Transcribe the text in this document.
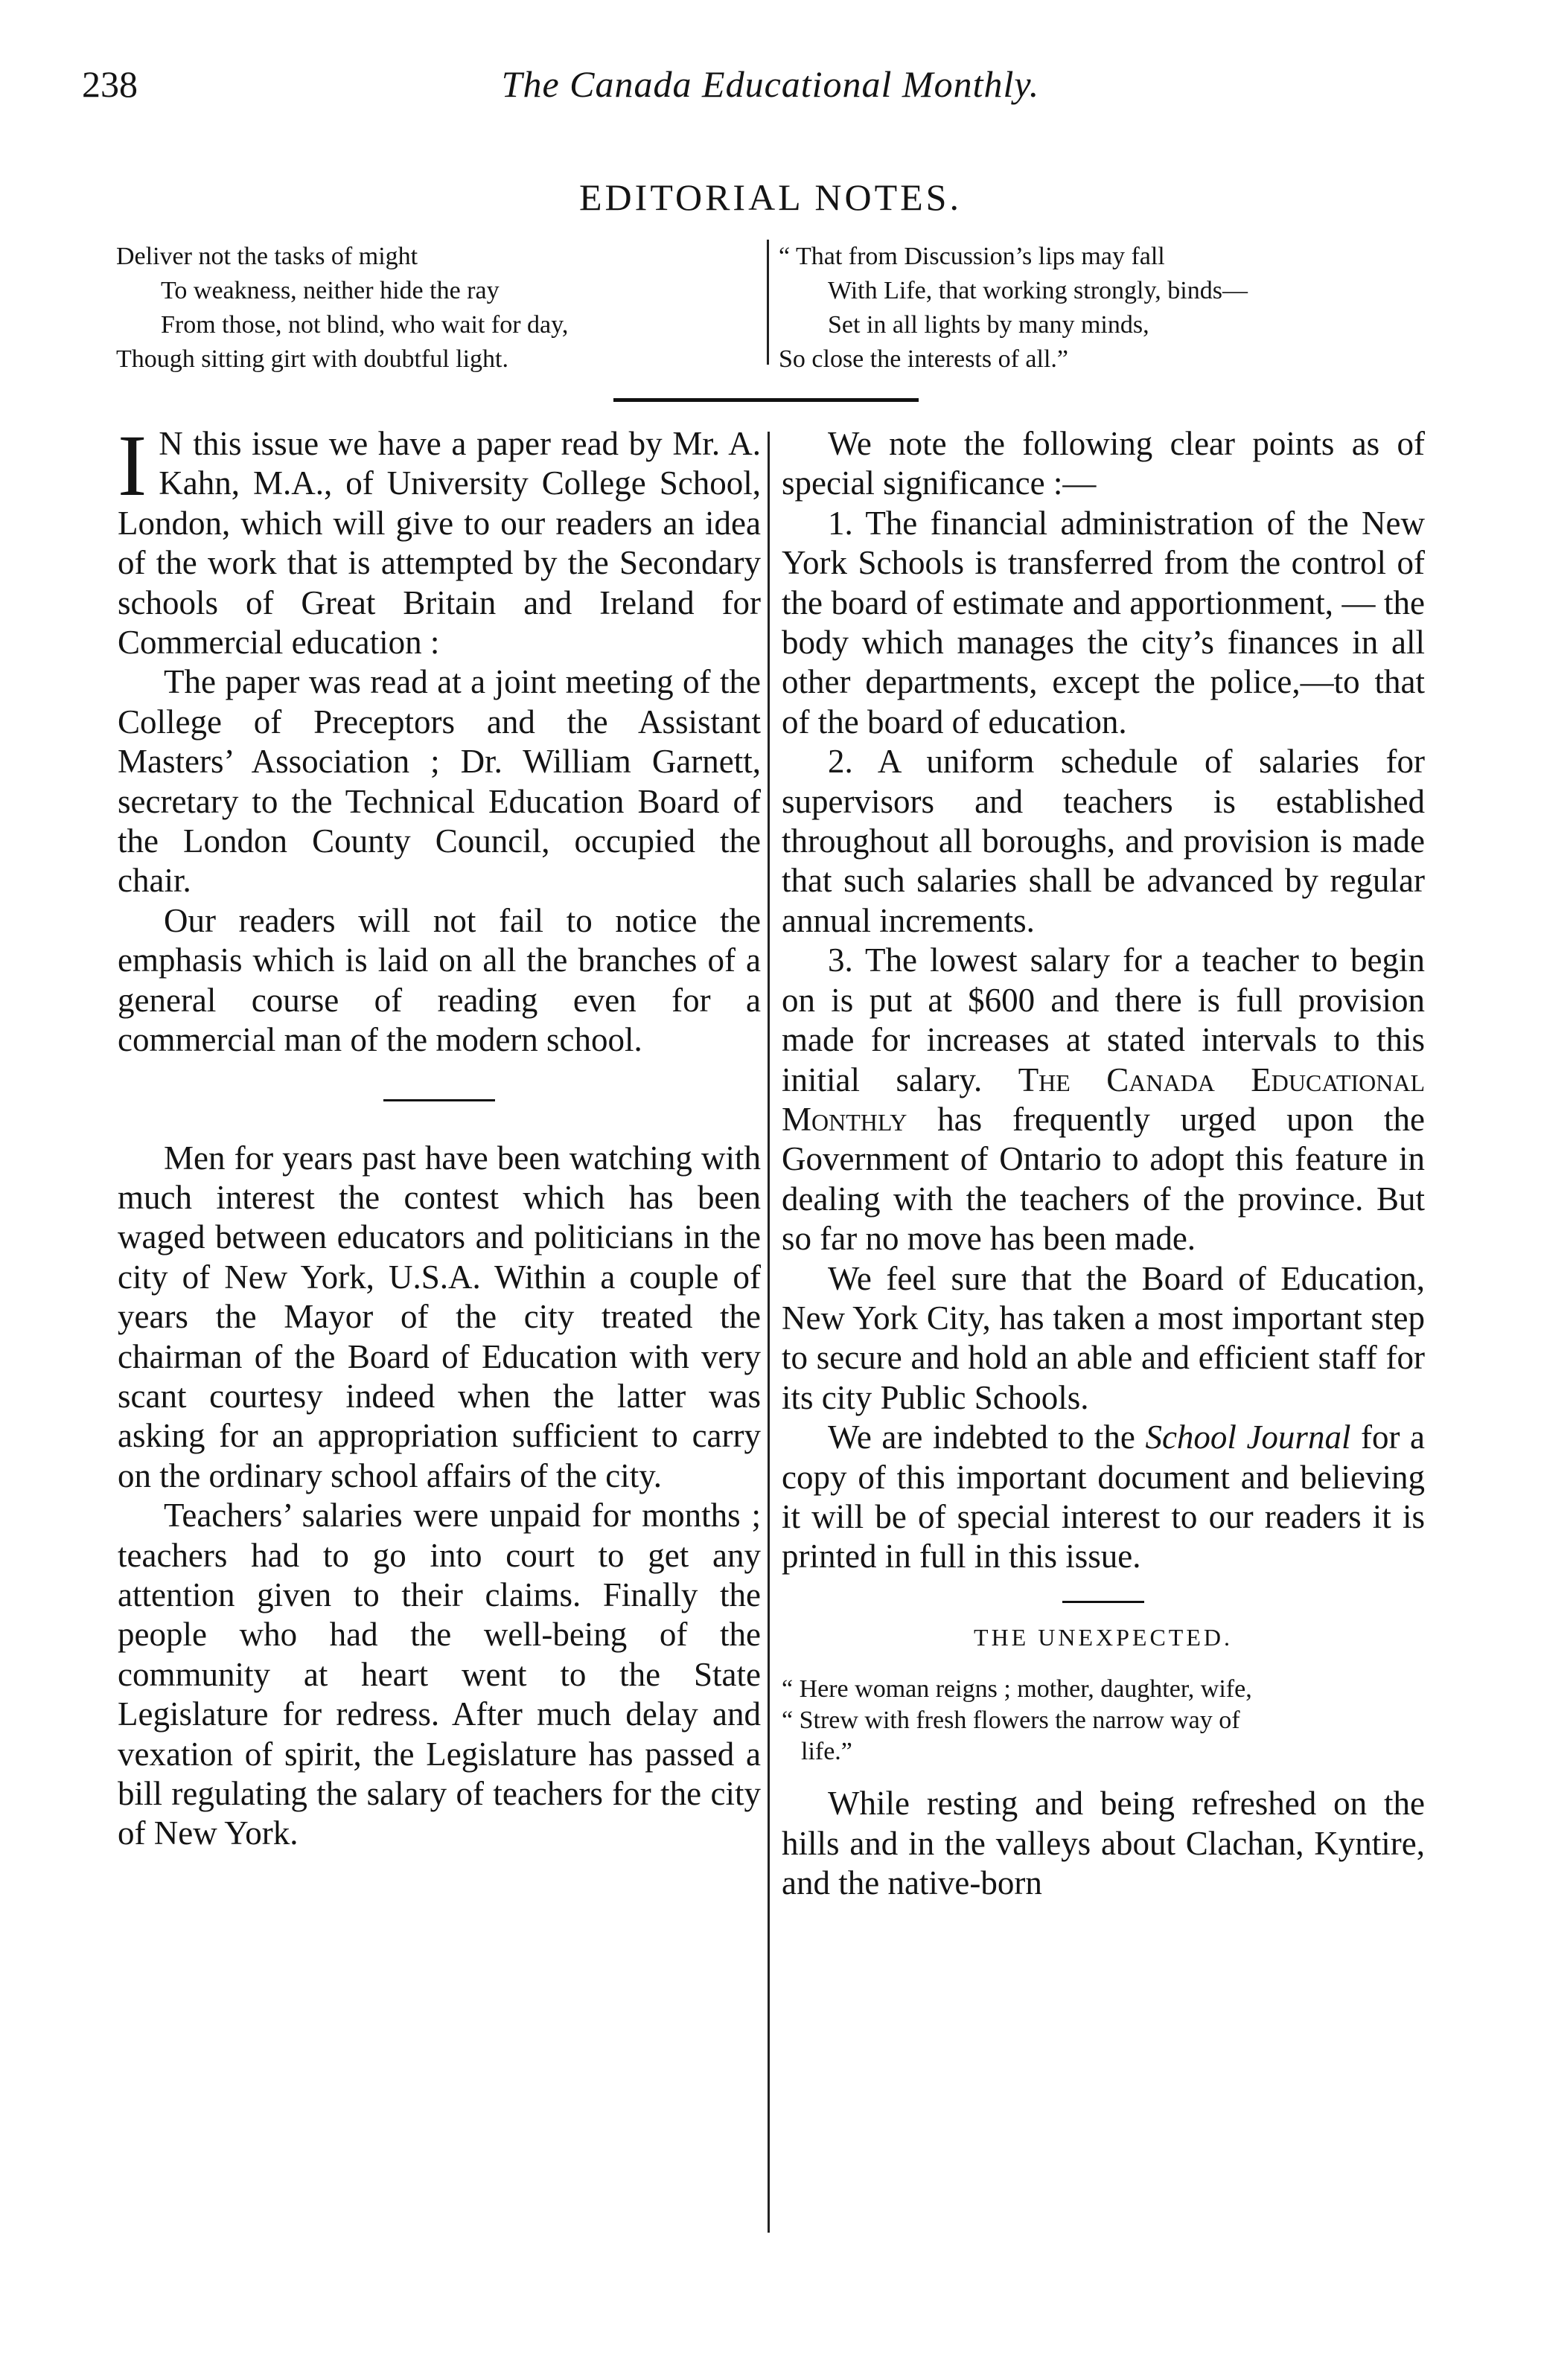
238	The Canada Educational Monthly.
EDITORIAL NOTES.
Deliver not the tasks of might
To weakness, neither hide the ray
From those, not blind, who wait for day,
Though sitting girt with doubtful light.
“ That from Discussion’s lips may fall
With Life, that working strongly, binds—
Set in all lights by many minds,
So close the interests of all.”

I N this issue we have a paper read by Mr. A. Kahn, M.A., of University College School, London, which will give to our readers an idea of the work that is attempted by the Secondary schools of Great Britain and Ireland for Commercial education :

The paper was read at a joint meeting of the College of Preceptors and the Assistant Masters’ Association ; Dr. William Garnett, secretary to the Technical Education Board of the London County Council, occupied the chair.

Our readers will not fail to notice the emphasis which is laid on all the branches of a general course of reading even for a commercial man of the modern school.

Men for years past have been watching with much interest the contest which has been waged between educators and politicians in the city of New York, U.S.A. Within a couple of years the Mayor of the city treated the chairman of the Board of Education with very scant courtesy indeed when the latter was asking for an appropriation sufficient to carry on the ordinary school affairs of the city.

Teachers’ salaries were unpaid for months ; teachers had to go into court to get any attention given to their claims. Finally the people who had the well-being of the community at heart went to the State Legislature for redress. After much delay and vexation of spirit, the Legislature has passed a bill regulating the salary of teachers for the city of New York.

We note the following clear points as of special significance :—

1. The financial administration of the New York Schools is transferred from the control of the board of estimate and apportionment, — the body which manages the city’s finances in all other departments, except the police,—to that of the board of education.

2. A uniform schedule of salaries for supervisors and teachers is established throughout all boroughs, and provision is made that such salaries shall be advanced by regular annual increments.

3. The lowest salary for a teacher to begin on is put at $600 and there is full provision made for increases at stated intervals to this initial salary. The Canada Educational Monthly has frequently urged upon the Government of Ontario to adopt this feature in dealing with the teachers of the province. But so far no move has been made.

We feel sure that the Board of Education, New York City, has taken a most important step to secure and hold an able and efficient staff for its city Public Schools.

We are indebted to the School Journal for a copy of this important document and believing it will be of special interest to our readers it is printed in full in this issue.

THE UNEXPECTED.
“ Here woman reigns ; mother, daughter, wife,
“ Strew with fresh flowers the narrow way of
life.”

While resting and being refreshed on the hills and in the valleys about Clachan, Kyntire, and the native-born
